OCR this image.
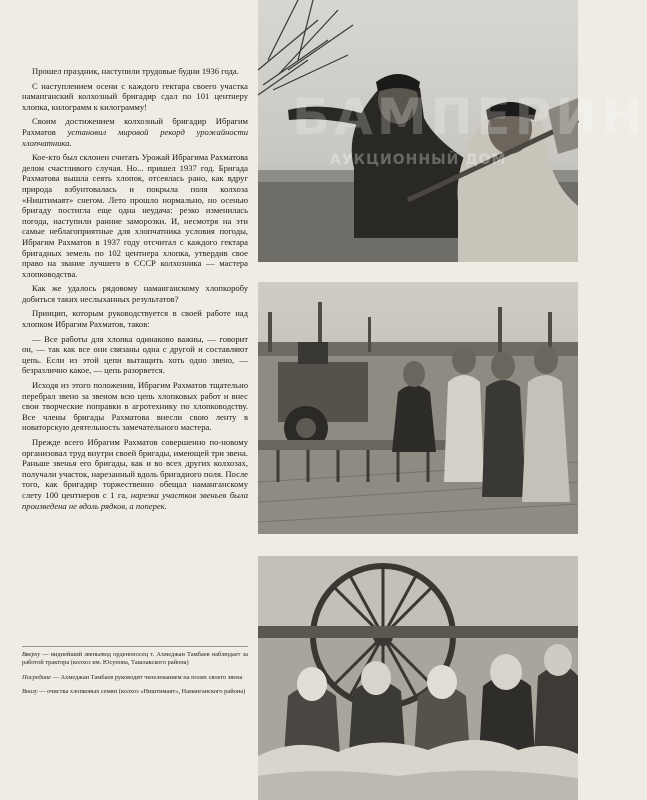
Прошел праздник, наступили трудовые будни 1936 года.

С наступлением осени с каждого гектара своего участка наманганский колхозный бригадир сдал по 101 центнеру хлопка, килограмм к килограмму!

Своим достижением колхозный бригадир Ибрагим Рахматов установил мировой рекорд урожайности хлопчатника.

Кое-кто был склонен считать Урожай Ибрагима Рахматова делом счастливого случая. Но... пришел 1937 год. Бригада Рахматова вышла сеять хлопок, отсеялась рано, как вдруг природа взбунтовалась и покрыла поля колхоза «Ништимаят» снегом. Лето прошло нормально, но осенью бригаду постигла еще одна неудача: резко изменилась погода, наступили ранние заморозки. И, несмотря на эти самые неблагоприятные для хлопчатника условия погоды, Ибрагим Рахматов в 1937 году отсчитал с каждого гектара бригадных земель по 102 центнера хлопка, утвердив свое право на звание лучшего в СССР колхозника — мастера хлопководства.

Как же удалось рядовому наманганскому хлопкоробу добиться таких неслыханных результатов?

Принцип, которым руководствуется в своей работе над хлопком Ибрагим Рахматов, таков:

— Все работы для хлопка одинаково важны, — говорит он, — так как все они связаны одна с другой и составляют цепь. Если из этой цепи вытащить хоть одно звено, — безразлично какое, — цепь разорвется.

Исходя из этого положения, Ибрагим Рахматов тщательно перебрал звено за звеном всю цепь хлопковых работ и внес свои творческие поправки в агротехнику по хлопководству. Все члены бригады Рахматова внесли свою ленту в новаторскую деятельность замечательного мастера.

Прежде всего Ибрагим Рахматов совершенно по-новому организовал труд внутри своей бригады, имеющей три звена. Раньше звенья его бригады, как и во всех других колхозах, получали участок, нарезанный вдоль бригадного поля. После того, как бригадир торжественно обещал наманганскому слету 100 центнеров с 1 га, нарезка участков звеньев была произведена не вдоль рядков, а поперек.

Вверху — виднейший звеньевод орденоносец т. Ахмеджан Тамбаев наблюдает за работой трактора (колхоз им. Юсупова, Ташлакского района)

Посредине — Ахмеджан Тамбаев руководит чизелеванием на полях своего звена

Внизу — очистка хлопковых семян (колхоз «Ништимаят», Наманганского района)

БАМПЕРИН
АУКЦИОННЫЙ ДОМ
